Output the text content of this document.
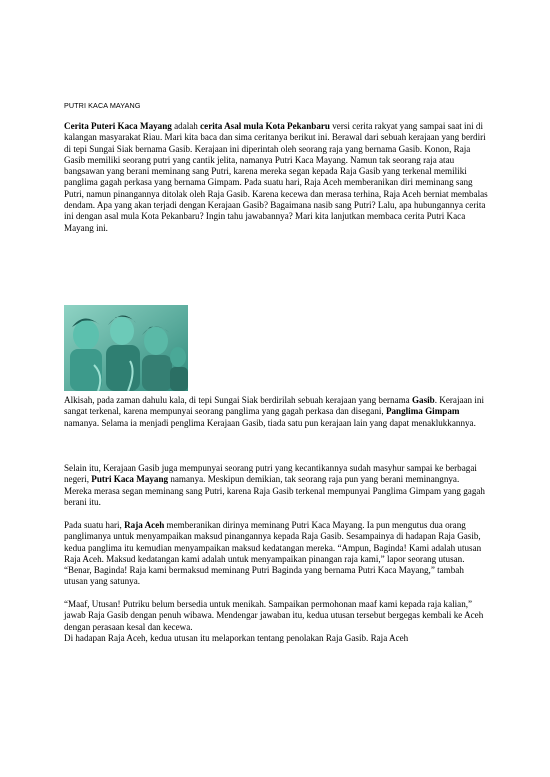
PUTRI KACA MAYANG

Cerita Puteri Kaca Mayang adalah cerita Asal mula Kota Pekanbaru versi cerita rakyat yang sampai saat ini di kalangan masyarakat Riau. Mari kita baca dan sima ceritanya berikut ini. Berawal dari sebuah kerajaan yang berdiri di tepi Sungai Siak bernama Gasib. Kerajaan ini diperintah oleh seorang raja yang bernama Gasib. Konon, Raja Gasib memiliki seorang putri yang cantik jelita, namanya Putri Kaca Mayang. Namun tak seorang raja atau bangsawan yang berani meminang sang Putri, karena mereka segan kepada Raja Gasib yang terkenal memiliki panglima gagah perkasa yang bernama Gimpam. Pada suatu hari, Raja Aceh memberanikan diri meminang sang Putri, namun pinangannya ditolak oleh Raja Gasib. Karena kecewa dan merasa terhina, Raja Aceh berniat membalas dendam. Apa yang akan terjadi dengan Kerajaan Gasib? Bagaimana nasib sang Putri? Lalu, apa hubungannya cerita ini dengan asal mula Kota Pekanbaru? Ingin tahu jawabannya? Mari kita lanjutkan membaca cerita Putri Kaca Mayang ini.

Alkisah, pada zaman dahulu kala, di tepi Sungai Siak berdirilah sebuah kerajaan yang bernama Gasib. Kerajaan ini sangat terkenal, karena mempunyai seorang panglima yang gagah perkasa dan disegani, Panglima Gimpam namanya. Selama ia menjadi penglima Kerajaan Gasib, tiada satu pun kerajaan lain yang dapat menaklukkannya.

Selain itu, Kerajaan Gasib juga mempunyai seorang putri yang kecantikannya sudah masyhur sampai ke berbagai negeri, Putri Kaca Mayang namanya. Meskipun demikian, tak seorang raja pun yang berani meminangnya. Mereka merasa segan meminang sang Putri, karena Raja Gasib terkenal mempunyai Panglima Gimpam yang gagah berani itu.

Pada suatu hari, Raja Aceh memberanikan dirinya meminang Putri Kaca Mayang. Ia pun mengutus dua orang panglimanya untuk menyampaikan maksud pinangannya kepada Raja Gasib. Sesampainya di hadapan Raja Gasib, kedua panglima itu kemudian menyampaikan maksud kedatangan mereka. “Ampun, Baginda! Kami adalah utusan Raja Aceh. Maksud kedatangan kami adalah untuk menyampaikan pinangan raja kami,” lapor seorang utusan. “Benar, Baginda! Raja kami bermaksud meminang Putri Baginda yang bernama Putri Kaca Mayang,” tambah utusan yang satunya.

“Maaf, Utusan! Putriku belum bersedia untuk menikah. Sampaikan permohonan maaf kami kepada raja kalian,” jawab Raja Gasib dengan penuh wibawa. Mendengar jawaban itu, kedua utusan tersebut bergegas kembali ke Aceh dengan perasaan kesal dan kecewa.
Di hadapan Raja Aceh, kedua utusan itu melaporkan tentang penolakan Raja Gasib. Raja Aceh
